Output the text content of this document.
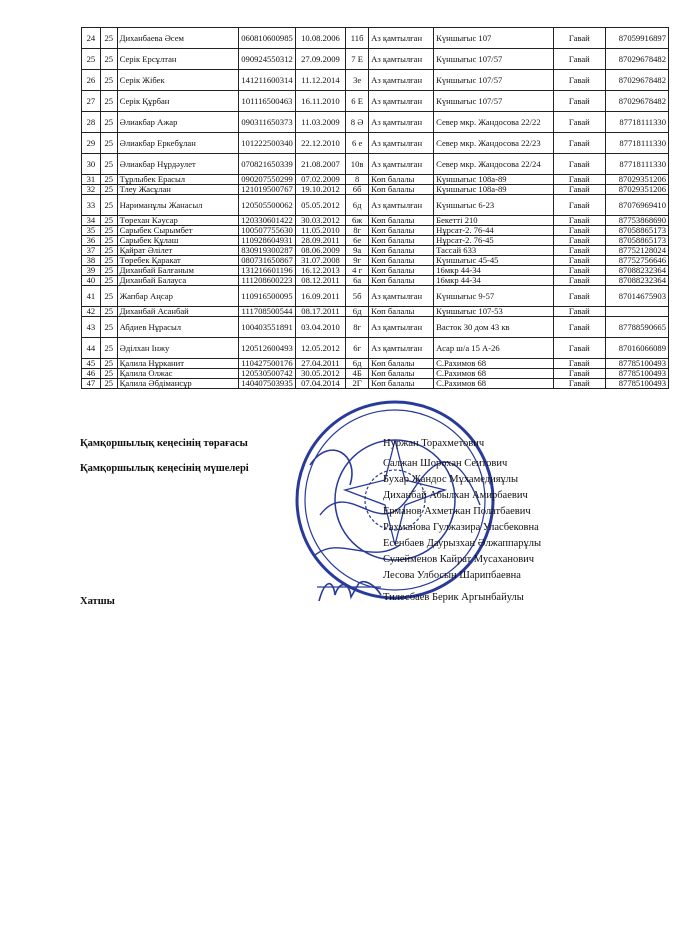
24	25	Диханбаева Әсем	060810600985	10.08.2006	11б	Аз қамтылған	Күншығыс 107	Гавай	87059916897
25	25	Серік Ерсұлтан	090924550312	27.09.2009	7 Е	Аз қамтылған	Күншығыс 107/57	Гавай	87029678482
26	25	Серік Жібек	141211600314	11.12.2014	3е	Аз қамтылған	Күншығыс 107/57	Гавай	87029678482
27	25	Серік Құрбан	101116500463	16.11.2010	6 Е	Аз қамтылған	Күншығыс 107/57	Гавай	87029678482
28	25	Әлиакбар Ажар	090311650373	11.03.2009	8 Ә	Аз қамтылған	Север мкр. Жандосова 22/22	Гавай	87718111330
29	25	Әлиакбар Еркебұлан	101222500340	22.12.2010	6 е	Аз қамтылған	Север мкр. Жандосова 22/23	Гавай	87718111330
30	25	Әлиакбар Нұрдәулет	070821650339	21.08.2007	10в	Аз қамтылған	Север мкр. Жандосова 22/24	Гавай	87718111330
31	25	Тұрлыбек Ерасыл	090207550299	07.02.2009	8	Көп балалы	Күншығыс 108а-89	Гавай	87029351206
32	25	Тлеу Жасұлан	121019500767	19.10.2012	6б	Көп балалы	Күншығыс 108а-89	Гавай	87029351206
33	25	Нариманұлы Жанасыл	120505500062	05.05.2012	6д	Аз қамтылған	Күншығыс 6-23	Гавай	87076969410
34	25	Төрехан Кәусар	120330601422	30.03.2012	6ж	Көп балалы	Бекетті 210	Гавай	87753868690
35	25	Сарыбек Сырымбет	100507755630	11.05.2010	8г	Көп балалы	Нұрсат-2. 76-44	Гавай	87058865173
36	25	Сарыбек Құлаш	110928604931	28.09.2011	6е	Көп балалы	Нұрсат-2. 76-45	Гавай	87058865173
37	25	Қайрат Әлілет	830919300287	08.06.2009	9а	Көп балалы	Тассай 633	Гавай	87752128024
38	25	Төребек Қаракат	080731650867	31.07.2008	9г	Көп балалы	Күншығыс 45-45	Гавай	87752756646
39	25	Диханбай Балғаным	131216601196	16.12.2013	4 г	Көп балалы	16мкр 44-34	Гавай	87088232364
40	25	Диханбай Балауса	111208600223	08.12.2011	6а	Көп балалы	16мкр 44-34	Гавай	87088232364
41	25	Жапбар Аңсар	110916500095	16.09.2011	5б	Аз қамтылған	Күншығыс 9-57	Гавай	87014675903
42	25	Диханбай Асанбай	111708500544	08.17.2011	6д	Көп балалы	Күншығыс 107-53	Гавай	
43	25	Абдиев Нұрасыл	100403551891	03.04.2010	8г	Аз қамтылған	Васток 30 дом 43 кв	Гавай	87788590665
44	25	Әділхан Інжу	120512600493	12.05.2012	6г	Аз қамтылған	Асар ш/а 15 А-26	Гавай	87016066089
45	25	Қалила Нұрканит	110427500176	27.04.2011	6д	Көп балалы	С.Рахимов 68	Гавай	87785100493
46	25	Қалила Олжас	120530500742	30.05.2012	4Б	Көп балалы	С.Рахимов 68	Гавай	87785100493
47	25	Қалила Әбдімансұр	140407503935	07.04.2014	2Г	Көп балалы	С.Рахимов 68	Гавай	87785100493
Қамқоршылық кеңесінің төрағасы	Нуржан Торахметович
Қамқоршылық кеңесінің мүшелері	Салжан Шорохан Сеитович
Бухар Жандос Мұхамедияұлы
Диханбай Абылхан Амирбаевич
Ерманов Ахметжан Полатбаевич
Рахманова Гулжазира Уласбековна
Есенбаев Даурызхан Әлжаппарұлы
Сулейменов Кайрат Мусаханович
Лесова Улбосын Шарипбаевна
Хатшы	Тилесбаев Берик Аргынбайулы
